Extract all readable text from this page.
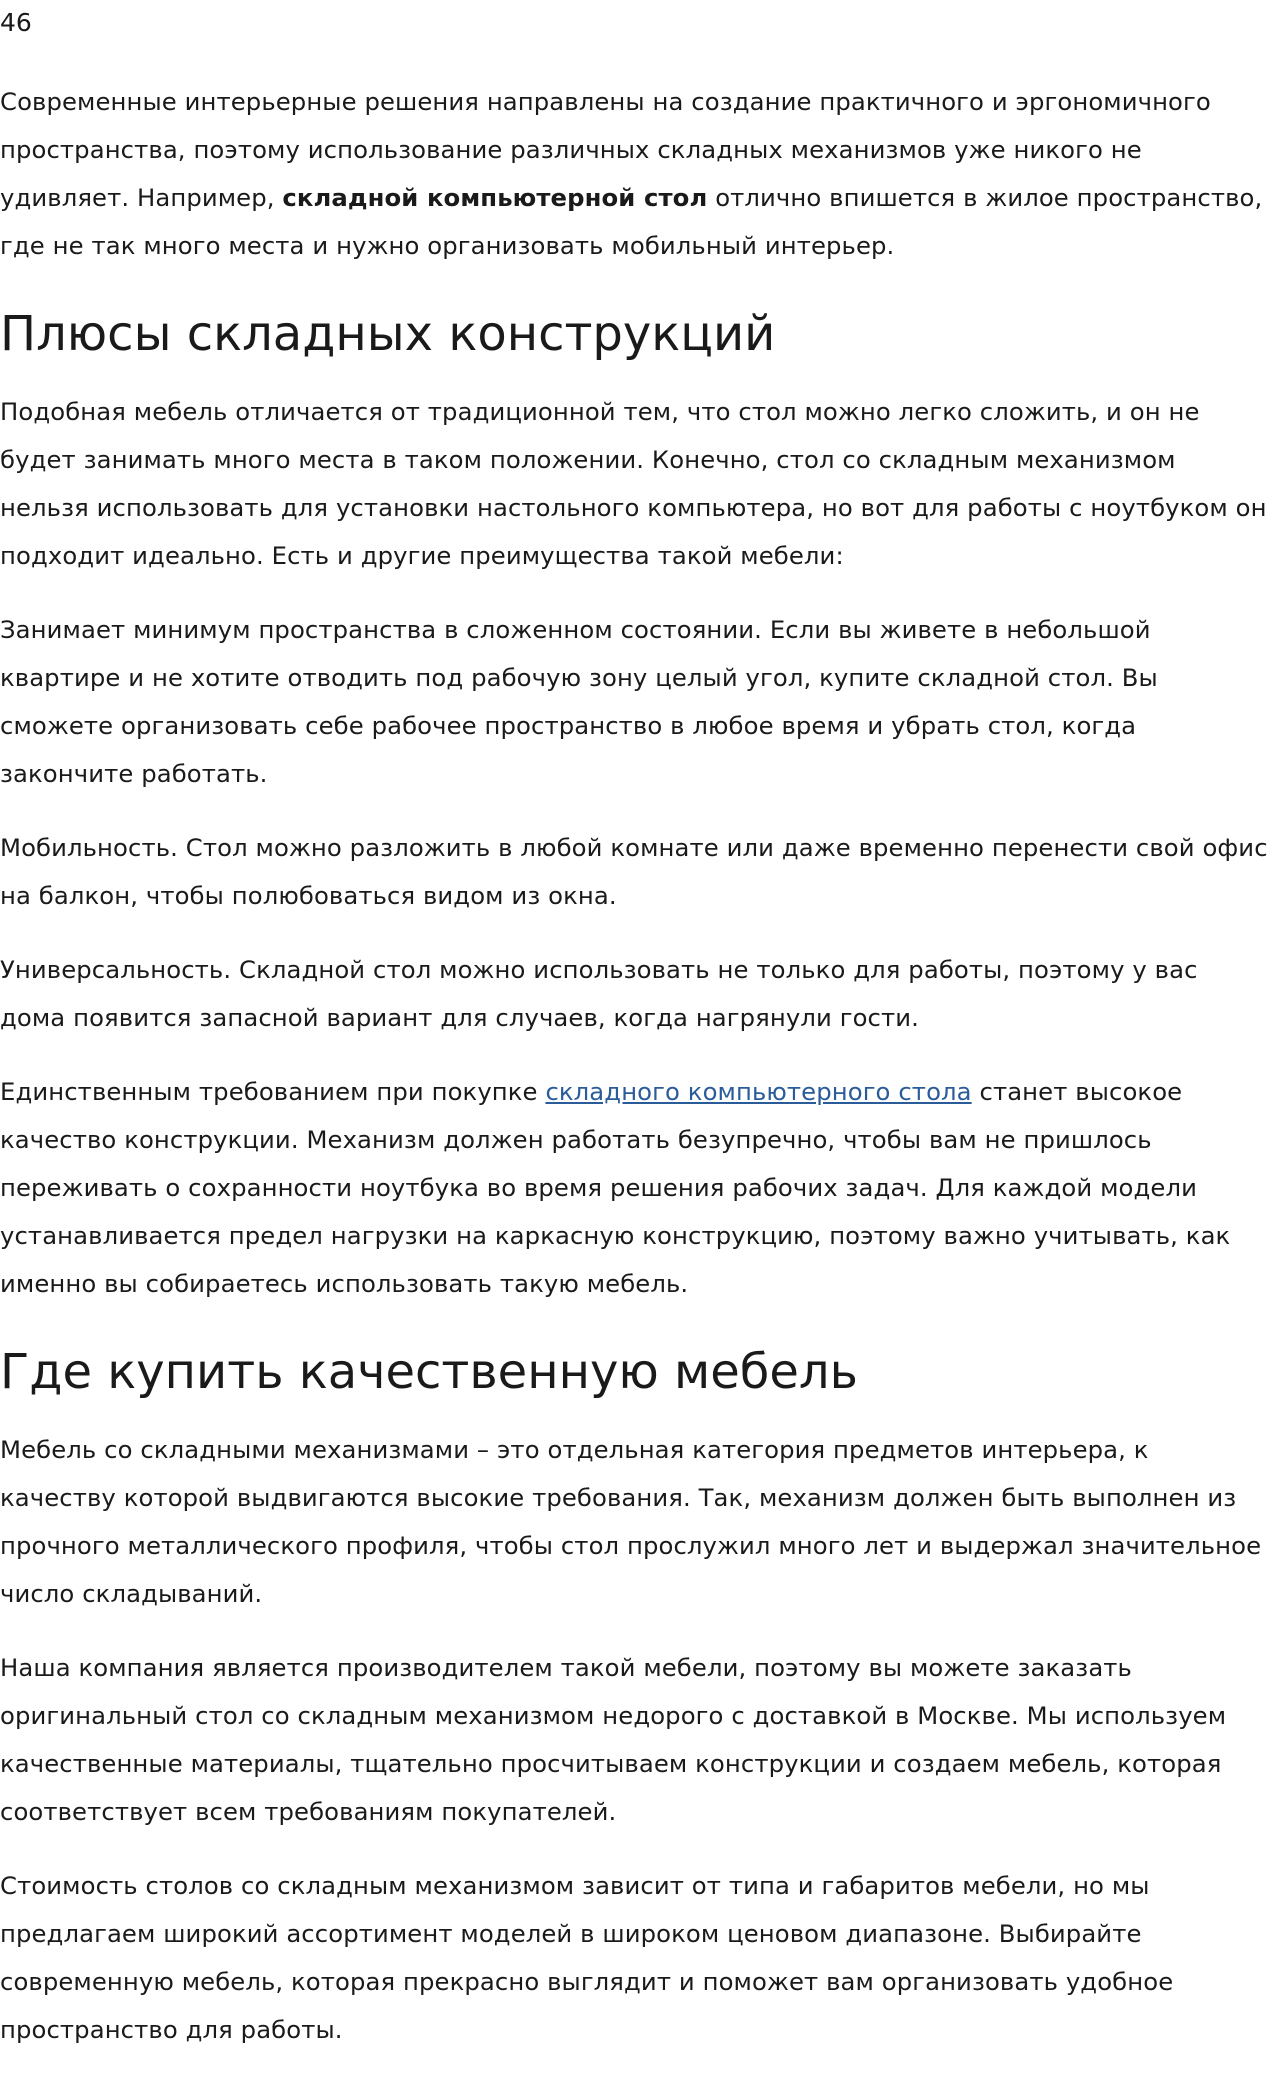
46

Современные интерьерные решения направлены на создание практичного и эргономичного пространства, поэтому использование различных складных механизмов уже никого не удивляет. Например, складной компьютерной стол отлично впишется в жилое пространство, где не так много места и нужно организовать мобильный интерьер.

Плюсы складных конструкций

Подобная мебель отличается от традиционной тем, что стол можно легко сложить, и он не будет занимать много места в таком положении. Конечно, стол со складным механизмом нельзя использовать для установки настольного компьютера, но вот для работы с ноутбуком он подходит идеально. Есть и другие преимущества такой мебели:

Занимает минимум пространства в сложенном состоянии. Если вы живете в небольшой квартире и не хотите отводить под рабочую зону целый угол, купите складной стол. Вы сможете организовать себе рабочее пространство в любое время и убрать стол, когда закончите работать.

Мобильность. Стол можно разложить в любой комнате или даже временно перенести свой офис на балкон, чтобы полюбоваться видом из окна.

Универсальность. Складной стол можно использовать не только для работы, поэтому у вас дома появится запасной вариант для случаев, когда нагрянули гости.

Единственным требованием при покупке складного компьютерного стола станет высокое качество конструкции. Механизм должен работать безупречно, чтобы вам не пришлось переживать о сохранности ноутбука во время решения рабочих задач. Для каждой модели устанавливается предел нагрузки на каркасную конструкцию, поэтому важно учитывать, как именно вы собираетесь использовать такую мебель.

Где купить качественную мебель

Мебель со складными механизмами – это отдельная категория предметов интерьера, к качеству которой выдвигаются высокие требования. Так, механизм должен быть выполнен из прочного металлического профиля, чтобы стол прослужил много лет и выдержал значительное число складываний.

Наша компания является производителем такой мебели, поэтому вы можете заказать оригинальный стол со складным механизмом недорого с доставкой в Москве. Мы используем качественные материалы, тщательно просчитываем конструкции и создаем мебель, которая соответствует всем требованиям покупателей.

Стоимость столов со складным механизмом зависит от типа и габаритов мебели, но мы предлагаем широкий ассортимент моделей в широком ценовом диапазоне. Выбирайте современную мебель, которая прекрасно выглядит и поможет вам организовать удобное пространство для работы.
